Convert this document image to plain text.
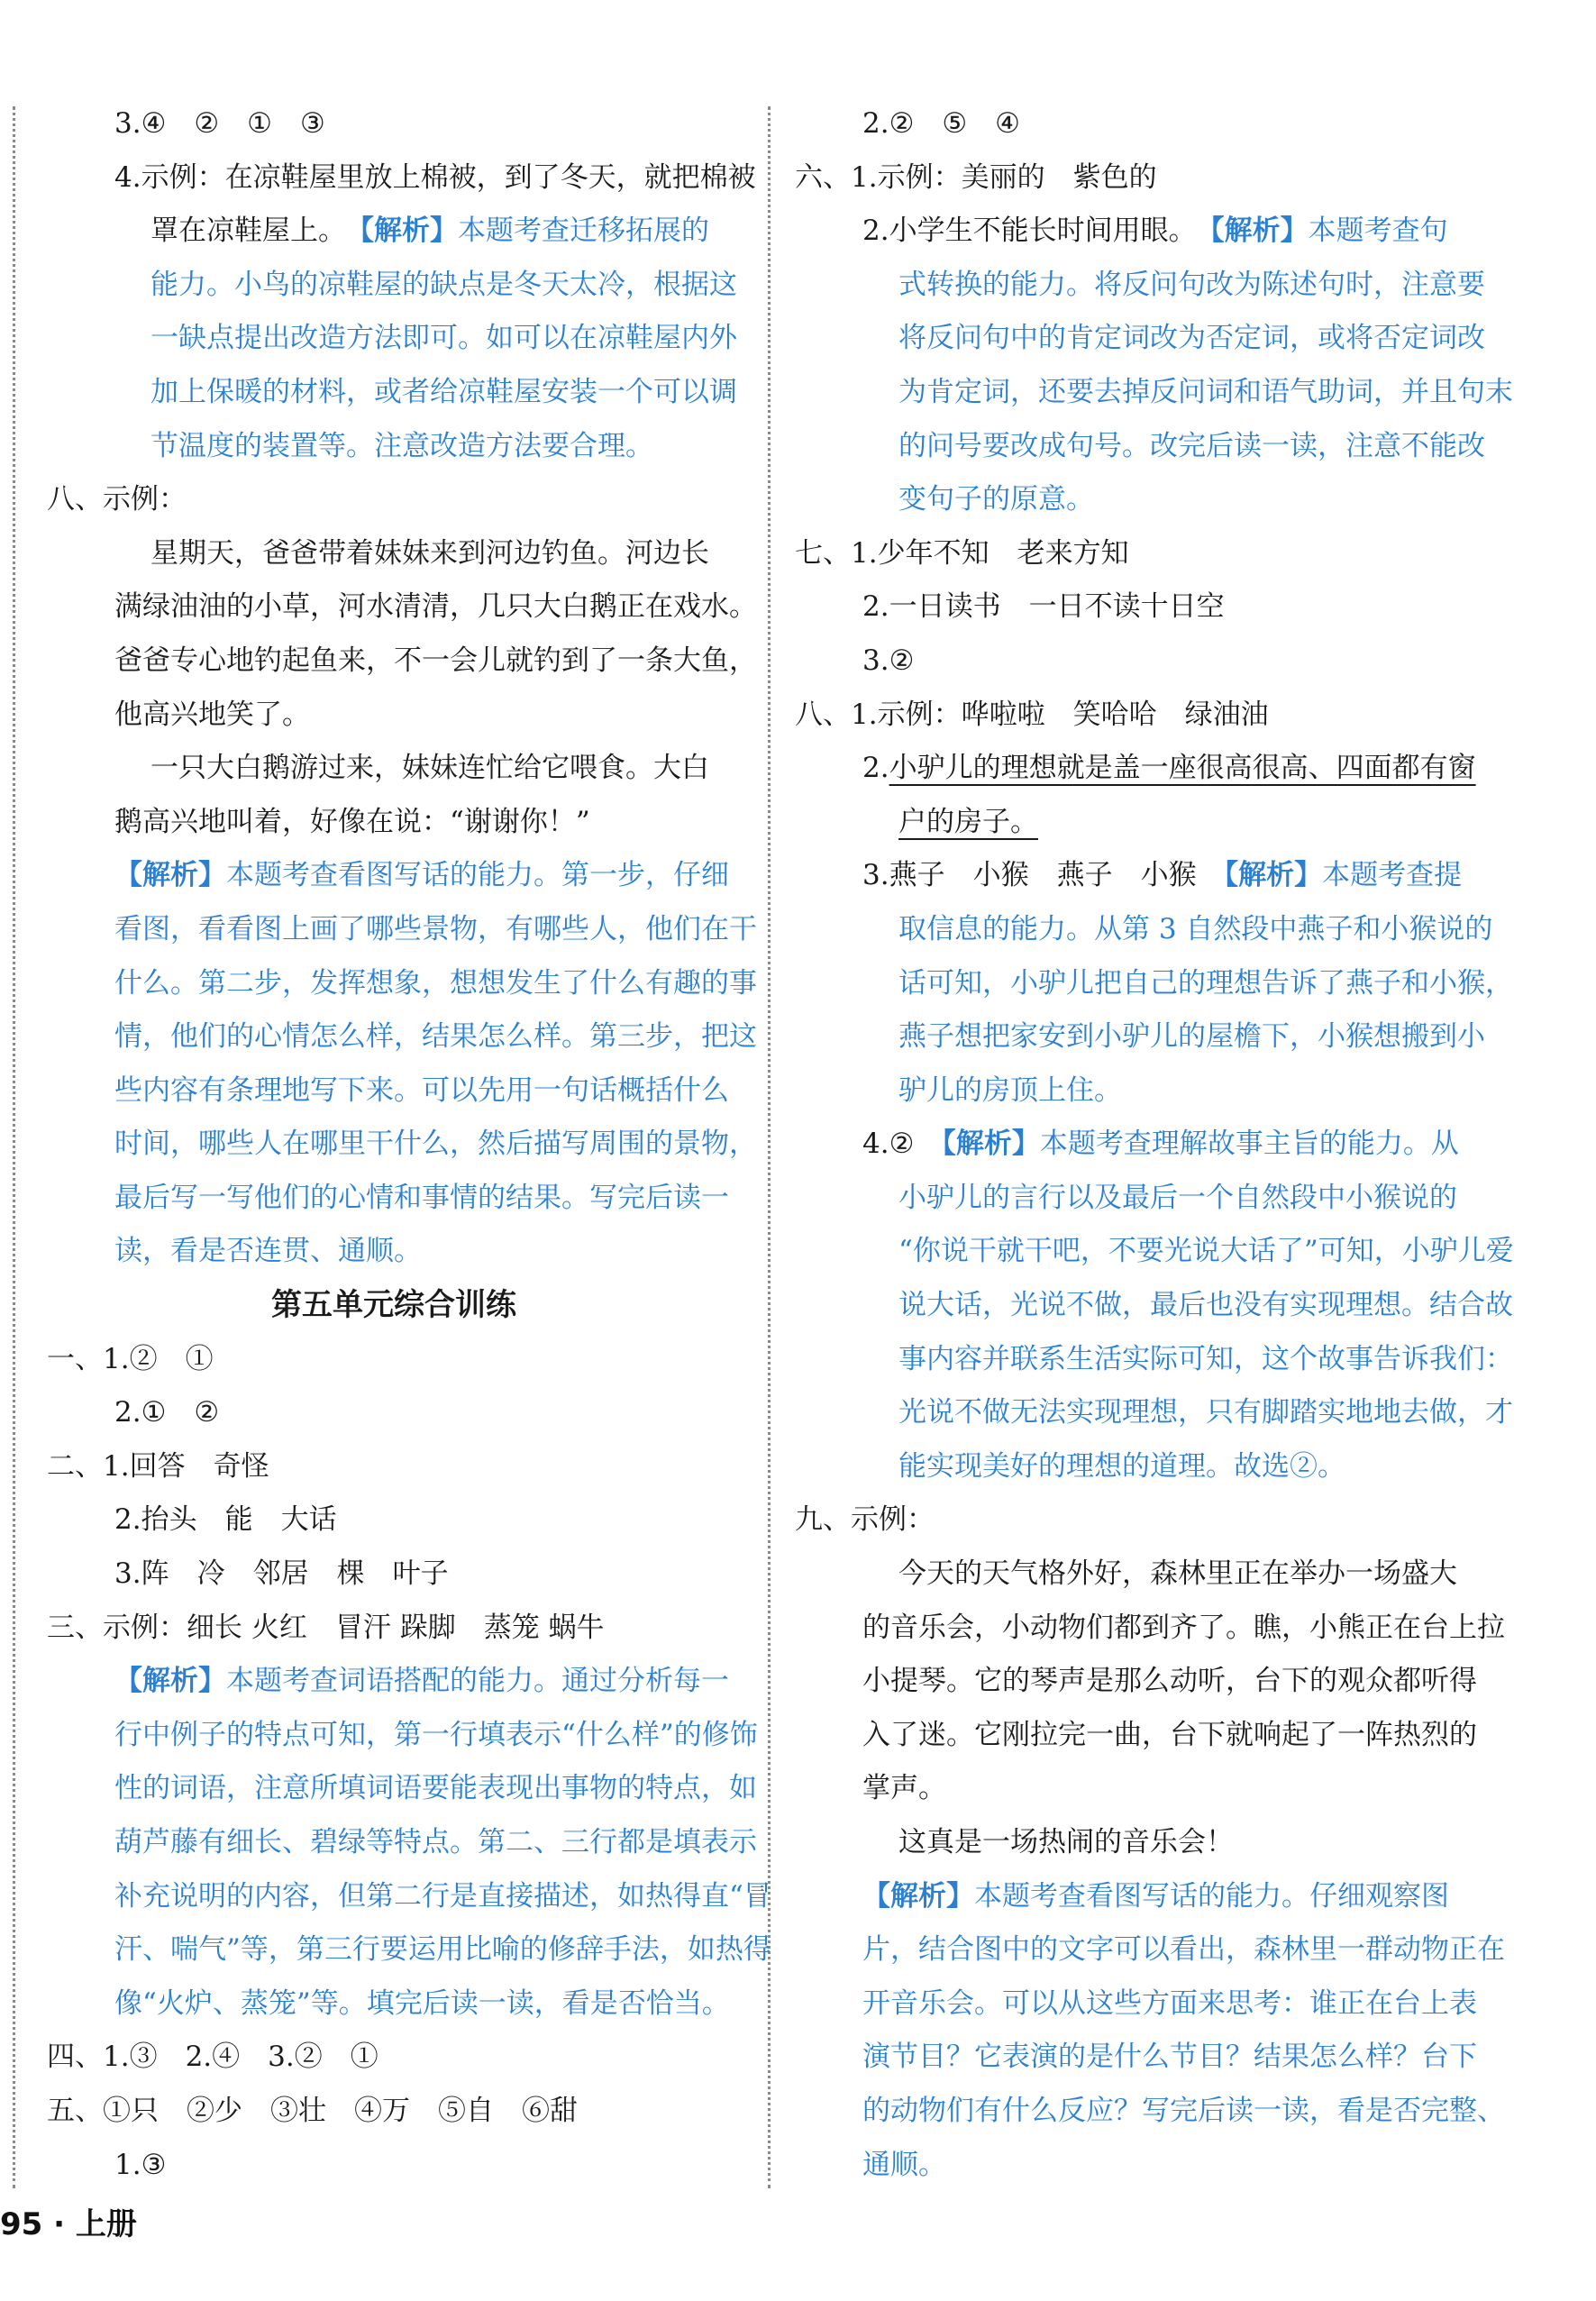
3.④　②　①　③
4.示例：在凉鞋屋里放上棉被，到了冬天，就把棉被
罩在凉鞋屋上。　 【解析】本题考查迁移拓展的
能力。小鸟的凉鞋屋的缺点是冬天太冷，根据这
一缺点提出改造方法即可。如可以在凉鞋屋内外
加上保暖的材料，或者给凉鞋屋安装一个可以调
节温度的装置等。注意改造方法要合理。
八、示例：
星期天，爸爸带着妹妹来到河边钓鱼。河边长
满绿油油的小草，河水清清，几只大白鹅正在戏水。
爸爸专心地钓起鱼来，不一会儿就钓到了一条大鱼，
他高兴地笑了。
一只大白鹅游过来，妹妹连忙给它喂食。大白
鹅高兴地叫着，好像在说：“谢谢你！”
【解析】本题考查看图写话的能力。第一步，仔细
看图，看看图上画了哪些景物，有哪些人，他们在干
什么。第二步，发挥想象，想想发生了什么有趣的事
情，他们的心情怎么样，结果怎么样。第三步，把这
些内容有条理地写下来。可以先用一句话概括什么
时间，哪些人在哪里干什么，然后描写周围的景物，
最后写一写他们的心情和事情的结果。写完后读一
读，看是否连贯、通顺。
第五单元综合训练
一、1.②　①
2.①　②
二、1.回答　奇怪
2.抬头　能　大话
3.阵　冷　邻居　棵　叶子
三、示例：细长 火红　冒汗 跺脚　蒸笼 蜗牛
【解析】本题考查词语搭配的能力。通过分析每一
行中例子的特点可知，第一行填表示“什么样”的修饰
性的词语，注意所填词语要能表现出事物的特点，如
葫芦藤有细长、碧绿等特点。第二、三行都是填表示
补充说明的内容，但第二行是直接描述，如热得直“冒
汗、喘气”等，第三行要运用比喻的修辞手法，如热得
像“火炉、蒸笼”等。填完后读一读，看是否恰当。
四、1.③　2.④　3.②　①
五、①只　②少　③壮　④万　⑤自　⑥甜
1.③
2.②　⑤　④
六、1.示例：美丽的　紫色的
2.小学生不能长时间用眼。　 【解析】本题考查句
式转换的能力。将反问句改为陈述句时，注意要
将反问句中的肯定词改为否定词，或将否定词改
为肯定词，还要去掉反问词和语气助词，并且句末
的问号要改成句号。改完后读一读，注意不能改
变句子的原意。
七、1.少年不知　老来方知
2.一日读书　一日不读十日空
3.②
八、1.示例：哗啦啦　笑哈哈　绿油油
2.小驴儿的理想就是盖一座很高很高、四面都有窗
户的房子。
3.燕子　小猴　燕子　小猴　 【解析】本题考查提
取信息的能力。从第 3 自然段中燕子和小猴说的
话可知，小驴儿把自己的理想告诉了燕子和小猴，
燕子想把家安到小驴儿的屋檐下，小猴想搬到小
驴儿的房顶上住。
4.②　 【解析】本题考查理解故事主旨的能力。从
小驴儿的言行以及最后一个自然段中小猴说的
“你说干就干吧，不要光说大话了”可知，小驴儿爱
说大话，光说不做，最后也没有实现理想。结合故
事内容并联系生活实际可知，这个故事告诉我们：
光说不做无法实现理想，只有脚踏实地地去做，才
能实现美好的理想的道理。故选②。
九、示例：
今天的天气格外好，森林里正在举办一场盛大
的音乐会，小动物们都到齐了。瞧，小熊正在台上拉
小提琴。它的琴声是那么动听，台下的观众都听得
入了迷。它刚拉完一曲，台下就响起了一阵热烈的
掌声。
这真是一场热闹的音乐会！
【解析】本题考查看图写话的能力。仔细观察图
片，结合图中的文字可以看出，森林里一群动物正在
开音乐会。可以从这些方面来思考：谁正在台上表
演节目？它表演的是什么节目？结果怎么样？台下
的动物们有什么反应？写完后读一读，看是否完整、
通顺。
95 · 上册
